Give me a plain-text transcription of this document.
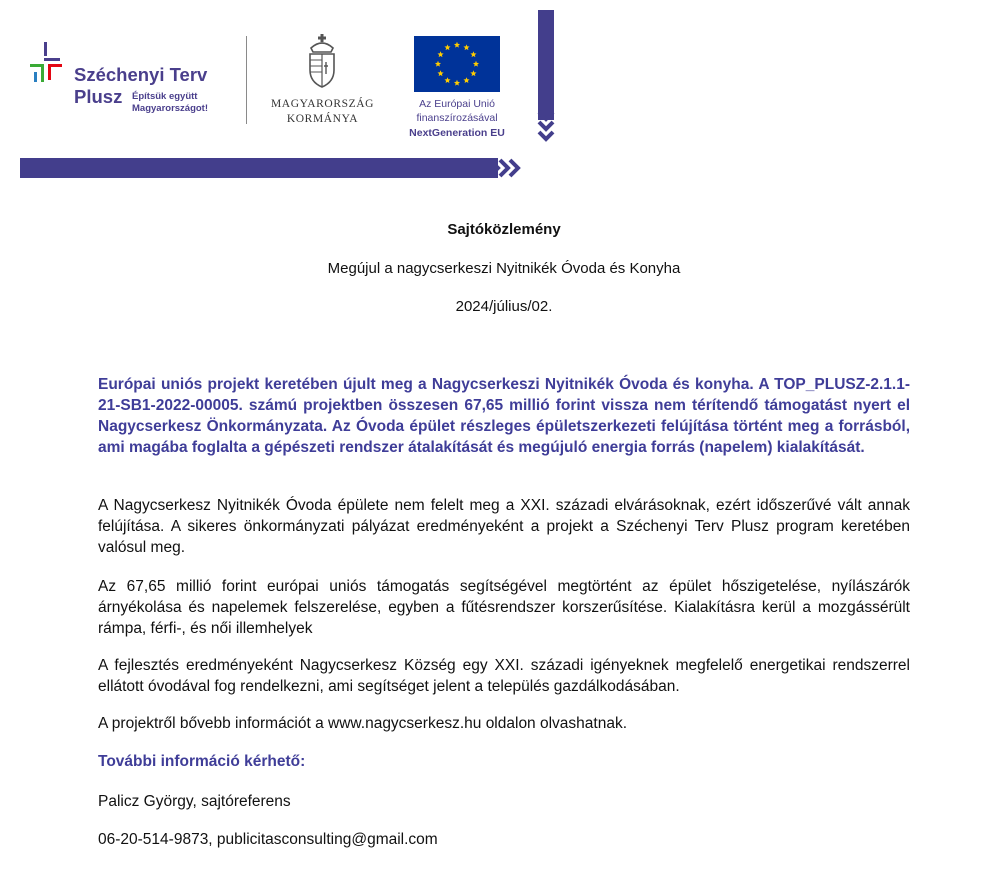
Széchenyi Terv
Plusz Építsük együtt
Magyarországot!	MAGYARORSZÁG
KORMÁNYA
Az Európai Unió
finanszírozásával
NextGeneration EU
Sajtóközlemény
Megújul a nagycserkeszi Nyitnikék Óvoda és Konyha
2024/július/02.

Európai uniós projekt keretében újult meg a Nagycserkeszi Nyitnikék Óvoda és konyha. A TOP_PLUSZ-2.1.1-21-SB1-2022-00005. számú projektben összesen 67,65 millió forint vissza nem térítendő támogatást nyert el Nagycserkesz Önkormányzata. Az Óvoda épület részleges épületszerkezeti felújítása történt meg a forrásból, ami magába foglalta a gépészeti rendszer átalakítását és megújuló energia forrás (napelem) kialakítását.

A Nagycserkesz Nyitnikék Óvoda épülete nem felelt meg a XXI. századi elvárásoknak, ezért időszerűvé vált annak felújítása. A sikeres önkormányzati pályázat eredményeként a projekt a Széchenyi Terv Plusz program keretében valósul meg.

Az 67,65 millió forint európai uniós támogatás segítségével megtörtént az épület hőszigetelése, nyílászárók árnyékolása és napelemek felszerelése, egyben a fűtésrendszer korszerűsítése. Kialakításra kerül a mozgássérült rámpa, férfi-, és női illemhelyek

A fejlesztés eredményeként Nagycserkesz Község egy XXI. századi igényeknek megfelelő energetikai rendszerrel ellátott óvodával fog rendelkezni, ami segítséget jelent a település gazdálkodásában.

A projektről bővebb információt a www.nagycserkesz.hu oldalon olvashatnak.

További információ kérhető:

Palicz György, sajtóreferens

06-20-514-9873, publicitasconsulting@gmail.com
